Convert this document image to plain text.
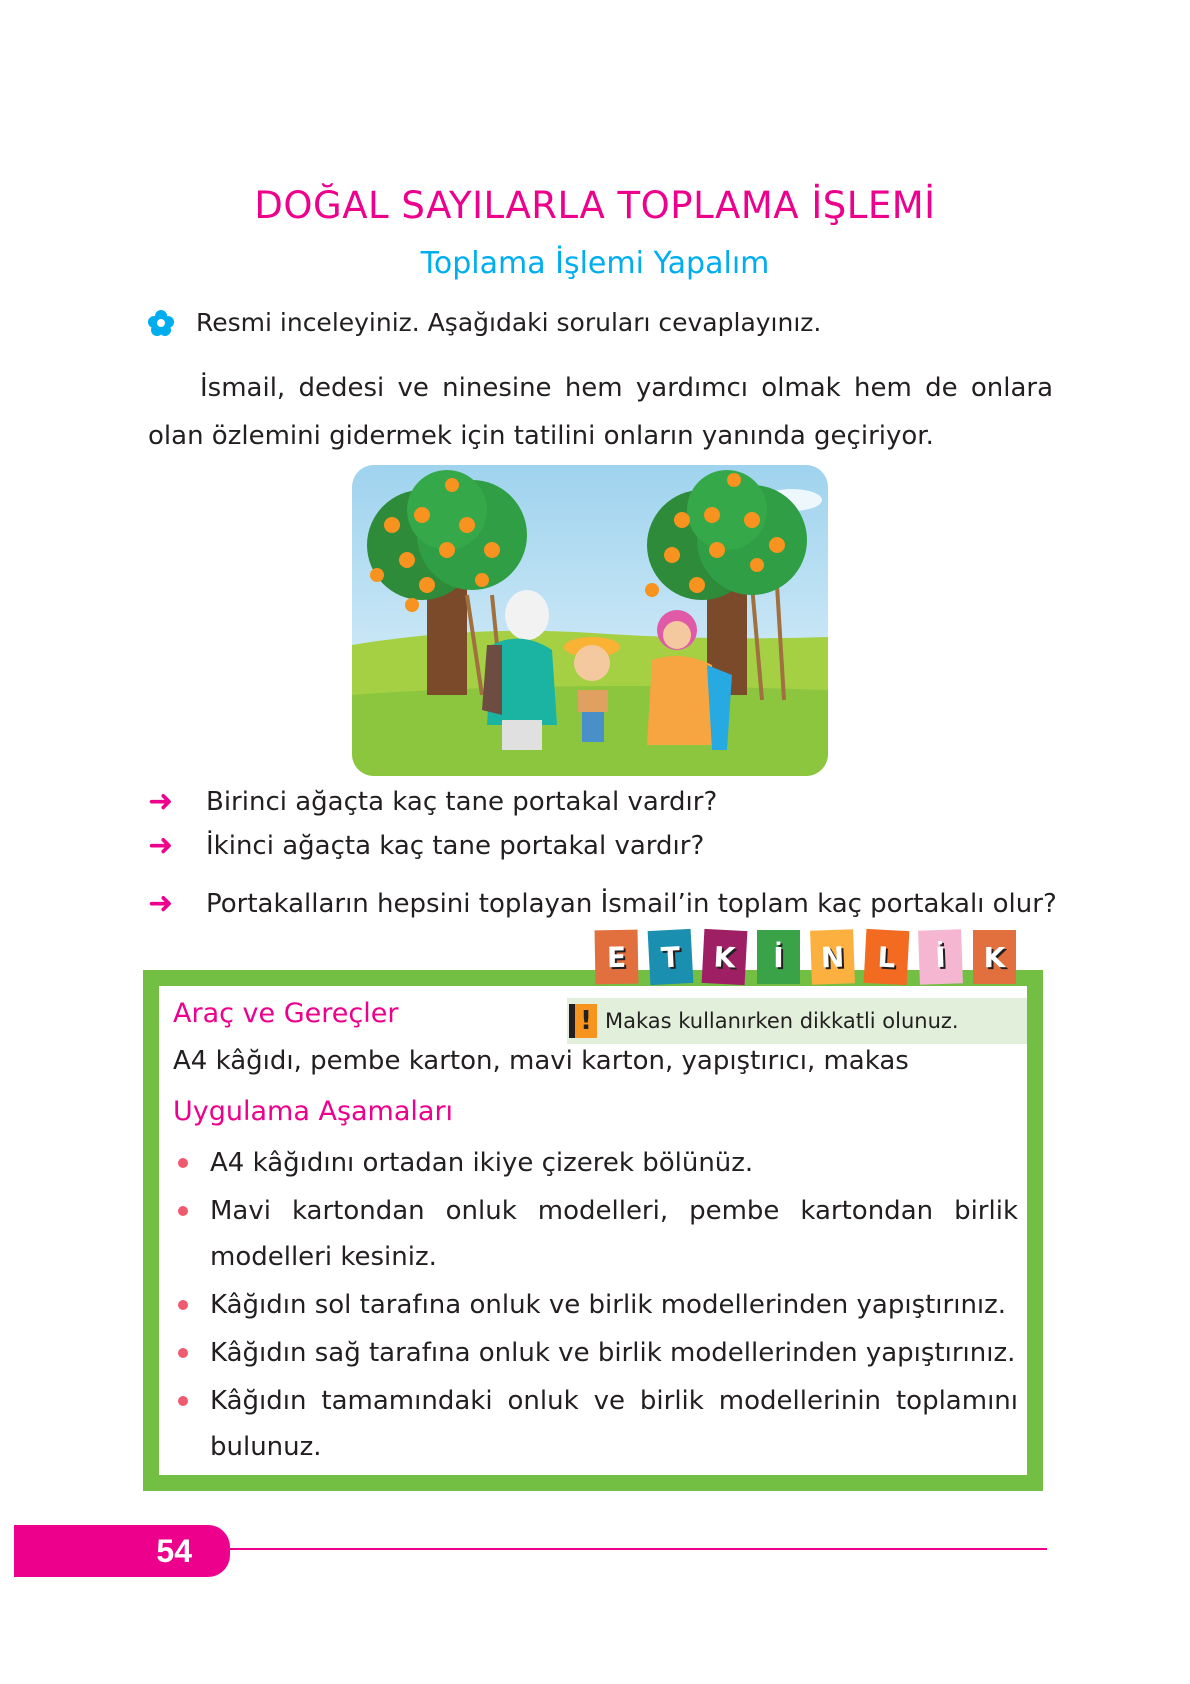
DOĞAL SAYILARLA TOPLAMA İŞLEMİ
Toplama İşlemi Yapalım
Resmi inceleyiniz. Aşağıdaki soruları cevaplayınız.
İsmail, dedesi ve ninesine hem yardımcı olmak hem de onlara olan özlemini gidermek için tatilini onların yanında geçiriyor.
➜ Birinci ağaçta kaç tane portakal vardır?
➜ İkinci ağaçta kaç tane portakal vardır?
➜ Portakalların hepsini toplayan İsmail’in toplam kaç portakalı olur?
Araç ve Gereçler
A4 kâğıdı, pembe karton, mavi karton, yapıştırıcı, makas
Uygulama Aşamaları
E	T	K	İ	N	L	İ	K
! Makas kullanırken dikkatli olunuz.
A4 kâğıdını ortadan ikiye çizerek bölünüz.
Mavi kartondan onluk modelleri, pembe kartondan birlik modelleri kesiniz.
Kâğıdın sol tarafına onluk ve birlik modellerinden yapıştırınız.
Kâğıdın sağ tarafına onluk ve birlik modellerinden yapıştırınız.
Kâğıdın tamamındaki onluk ve birlik modellerinin toplamını bulunuz.
54
